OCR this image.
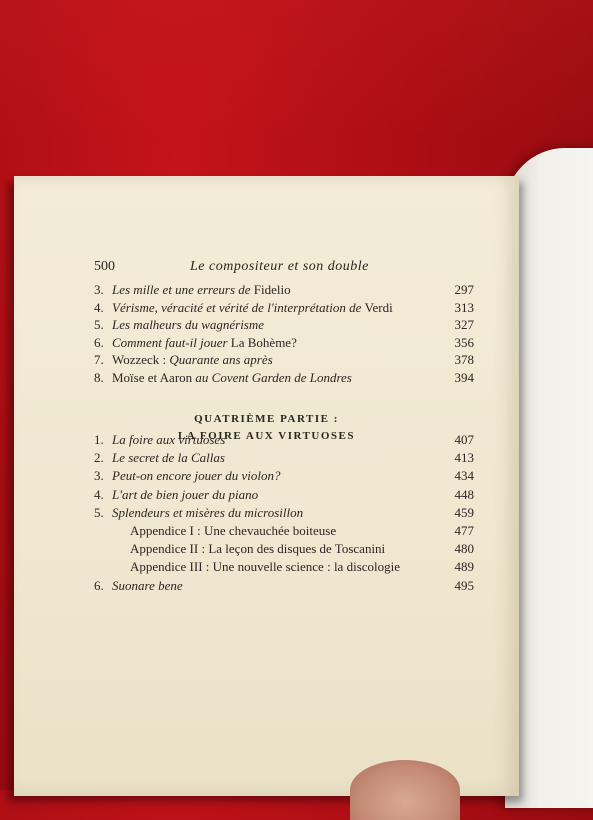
500	Le compositeur et son double
3. Les mille et une erreurs de Fidelio	297
4. Vérisme, véracité et vérité de l'interprétation de Verdi	313
5. Les malheurs du wagnérisme	327
6. Comment faut-il jouer La Bohème?	356
7. Wozzeck : Quarante ans après	378
8. Moïse et Aaron au Covent Garden de Londres	394
QUATRIÈME PARTIE :
LA FOIRE AUX VIRTUOSES
1. La foire aux virtuoses	407
2. Le secret de la Callas	413
3. Peut-on encore jouer du violon?	434
4. L'art de bien jouer du piano	448
5. Splendeurs et misères du microsillon	459
Appendice I : Une chevauchée boiteuse	477
Appendice II : La leçon des disques de Toscanini	480
Appendice III : Une nouvelle science : la discologie	489
6. Suonare bene	495
